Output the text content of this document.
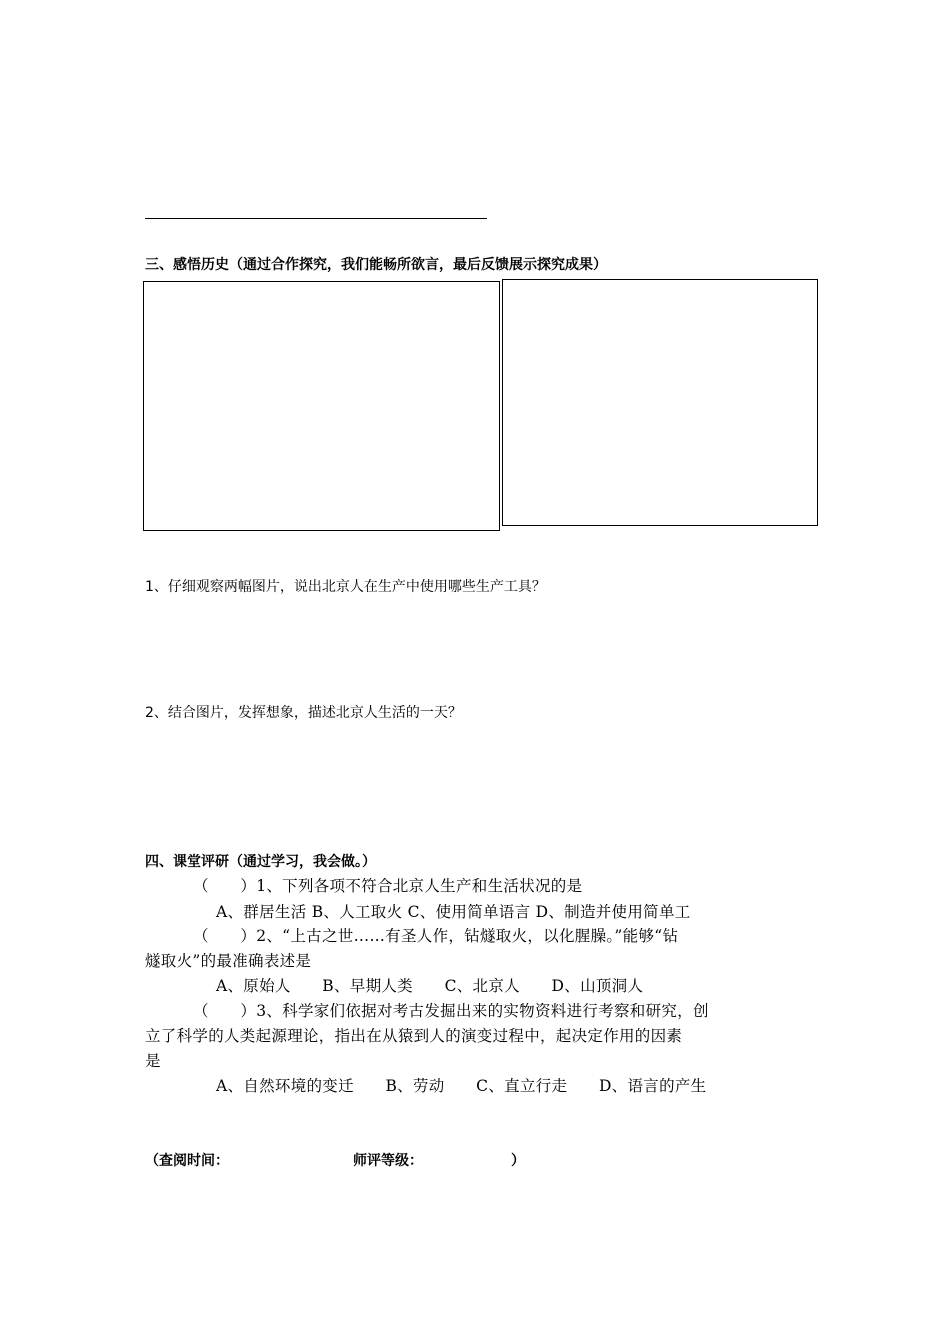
三、感悟历史（通过合作探究，我们能畅所欲言，最后反馈展示探究成果）
1、仔细观察两幅图片，说出北京人在生产中使用哪些生产工具？
2、结合图片，发挥想象，描述北京人生活的一天？
四、课堂评研（通过学习，我会做。）
（　　）1、下列各项不符合北京人生产和生活状况的是
A、群居生活 B、人工取火 C、使用简单语言 D、制造并使用简单工
（　　）2、“上古之世……有圣人作，钻燧取火，以化腥臊。”能够“钻
燧取火”的最准确表述是
A、原始人　　B、早期人类　　C、北京人　　D、山顶洞人
（　　）3、科学家们依据对考古发掘出来的实物资料进行考察和研究，创
立了科学的人类起源理论，指出在从猿到人的演变过程中，起决定作用的因素
是
A、自然环境的变迁　　B、劳动　　C、直立行走　　D、语言的产生
（查阅时间：	师评等级：	）
